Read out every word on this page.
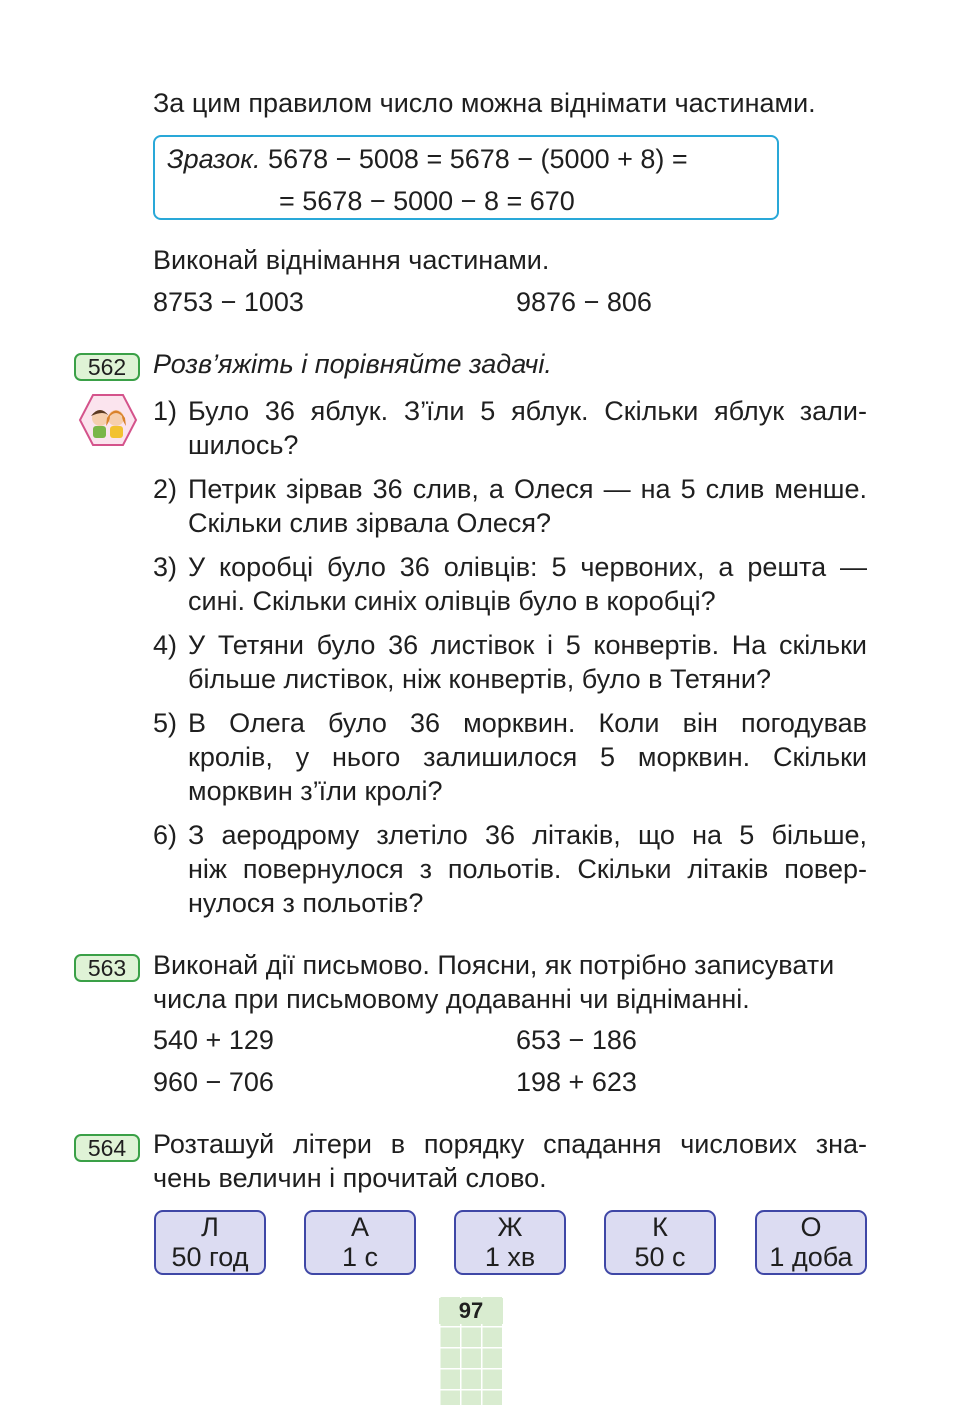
За цим правилом число можна віднімати частинами.
Зразок. 5678 − 5008 = 5678 − (5000 + 8) =
= 5678 − 5000 − 8 = 670
Виконай віднімання частинами.
8753 − 1003	9876 − 806
562 Розв’яжіть і порівняйте задачі.
1) Було 36 яблук. З’їли 5 яблук. Скільки яблук зали-
шилось?
2) Петрик зірвав 36 слив, а Олеся — на 5 слив менше.
Скільки слив зірвала Олеся?
3) У коробці було 36 олівців: 5 червоних, а решта —
сині. Скільки синіх олівців було в коробці?
4) У Тетяни було 36 листівок і 5 конвертів. На скільки
більше листівок, ніж конвертів, було в Тетяни?
5) В Олега було 36 морквин. Коли він погодував
кролів, у нього залишилося 5 морквин. Скільки
морквин з’їли кролі?
6) З аеродрому злетіло 36 літаків, що на 5 більше,
ніж повернулося з польотів. Скільки літаків повер-
нулося з польотів?
563 Виконай дії письмово. Поясни, як потрібно записувати
числа при письмовому додаванні чи відніманні.
540 + 129	653 − 186
960 − 706	198 + 623
564 Розташуй літери в порядку спадання числових зна-
чень величин і прочитай слово.
Л
50 год
А
1 с
Ж
1 хв
К
50 с
О
1 доба
97
